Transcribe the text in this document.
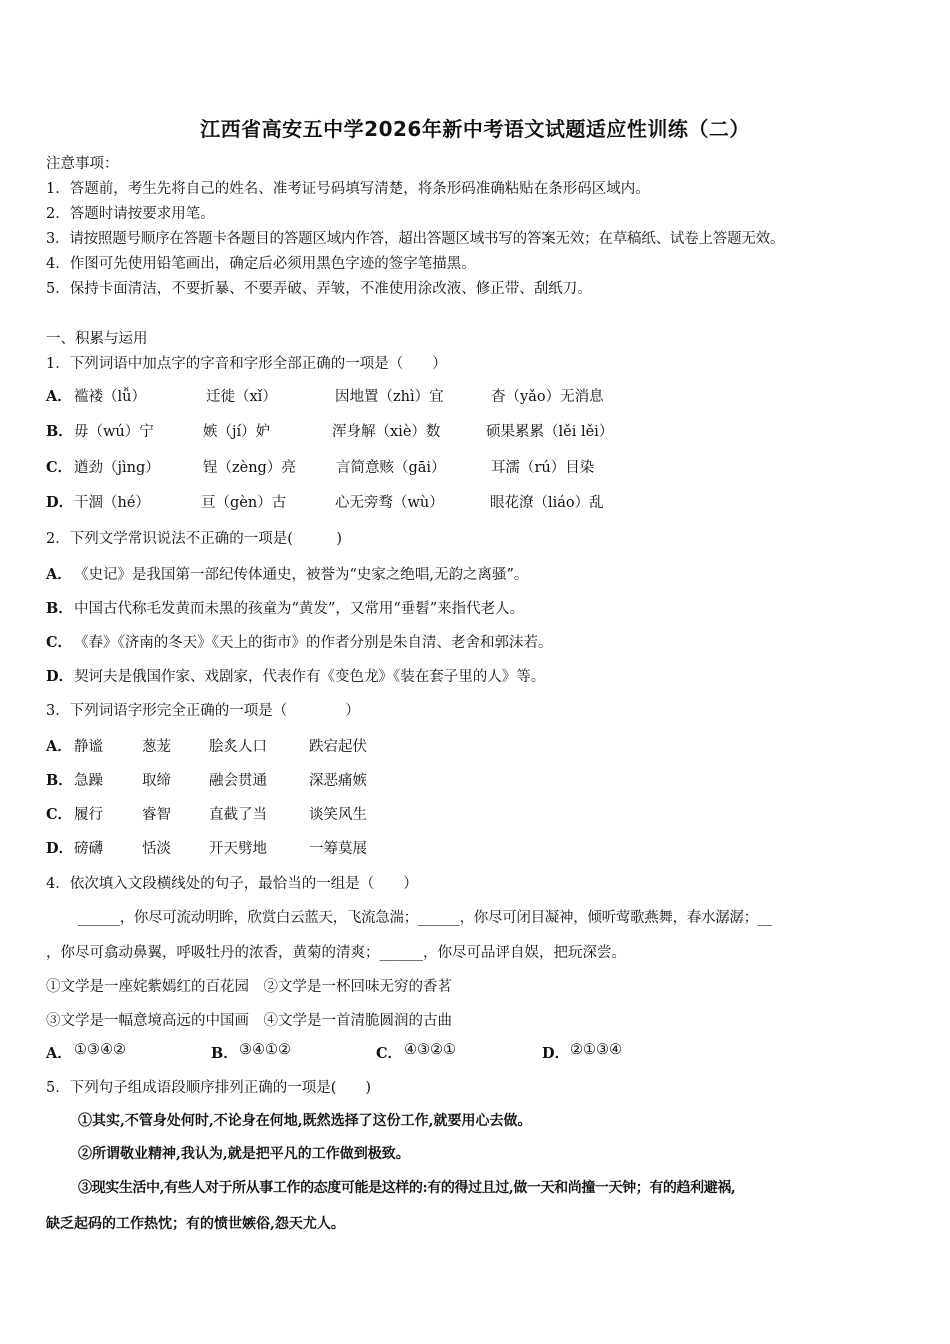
江西省高安五中学2026年新中考语文试题适应性训练（二）
注意事项：
1．答题前，考生先将自己的姓名、准考证号码填写清楚，将条形码准确粘贴在条形码区域内。
2．答题时请按要求用笔。
3．请按照题号顺序在答题卡各题目的答题区域内作答，超出答题区域书写的答案无效；在草稿纸、试卷上答题无效。
4．作图可先使用铅笔画出，确定后必须用黑色字迹的签字笔描黑。
5．保持卡面清洁，不要折暴、不要弄破、弄皱，不准使用涂改液、修正带、刮纸刀。
一、积累与运用
1．下列词语中加点字的字音和字形全部正确的一项是（　　）
A． 褴褛（lǚ）	迁徙（xǐ）	因地置（zhì）宜	杳（yǎo）无消息
B． 毋（wú）宁	嫉（jí）妒	浑身解（xiè）数	硕果累累（lěi lěi）
C． 遒劲（jìng）	锃（zèng）亮	言简意赅（gāi）	耳濡（rú）目染
D． 干涸（hé）	亘（gèn）古	心无旁骛（wù）	眼花潦（liáo）乱
2．下列文学常识说法不正确的一项是(　　　)
A． 《史记》是我国第一部纪传体通史，被誉为“史家之绝唱,无韵之离骚”。
B． 中国古代称毛发黄而未黑的孩童为“黄发”，又常用“垂髫”来指代老人。
C． 《春》《济南的冬天》《天上的街市》的作者分别是朱自清、老舍和郭沫若。
D． 契诃夫是俄国作家、戏剧家，代表作有《变色龙》《装在套子里的人》等。
3．下列词语字形完全正确的一项是（　　　　）
A． 静谧	葱茏	脍炙人口	跌宕起伏
B． 急躁	取缔	融会贯通	深恶痛嫉
C． 履行	睿智	直截了当	谈笑风生
D． 磅礴	恬淡	开天劈地	一筹莫展
4．依次填入文段横线处的句子，最恰当的一组是（　　）
______，你尽可流动明眸，欣赏白云蓝天，飞流急湍；______，你尽可闭目凝神，倾听莺歌燕舞，春水潺潺；__
，你尽可翕动鼻翼，呼吸牡丹的浓香，黄菊的清爽；______，你尽可品评自娱，把玩深尝。
①文学是一座姹紫嫣红的百花园　②文学是一杯回味无穷的香茗
③文学是一幅意境高远的中国画　④文学是一首清脆圆润的古曲
A． ①③④②	B． ③④①②	C． ④③②①	D． ②①③④
5．下列句子组成语段顺序排列正确的一项是(　　)
①其实,不管身处何时,不论身在何地,既然选择了这份工作,就要用心去做。
②所谓敬业精神,我认为,就是把平凡的工作做到极致。
③现实生活中,有些人对于所从事工作的态度可能是这样的:有的得过且过,做一天和尚撞一天钟；有的趋利避祸,
缺乏起码的工作热忱；有的愤世嫉俗,怨天尤人。
